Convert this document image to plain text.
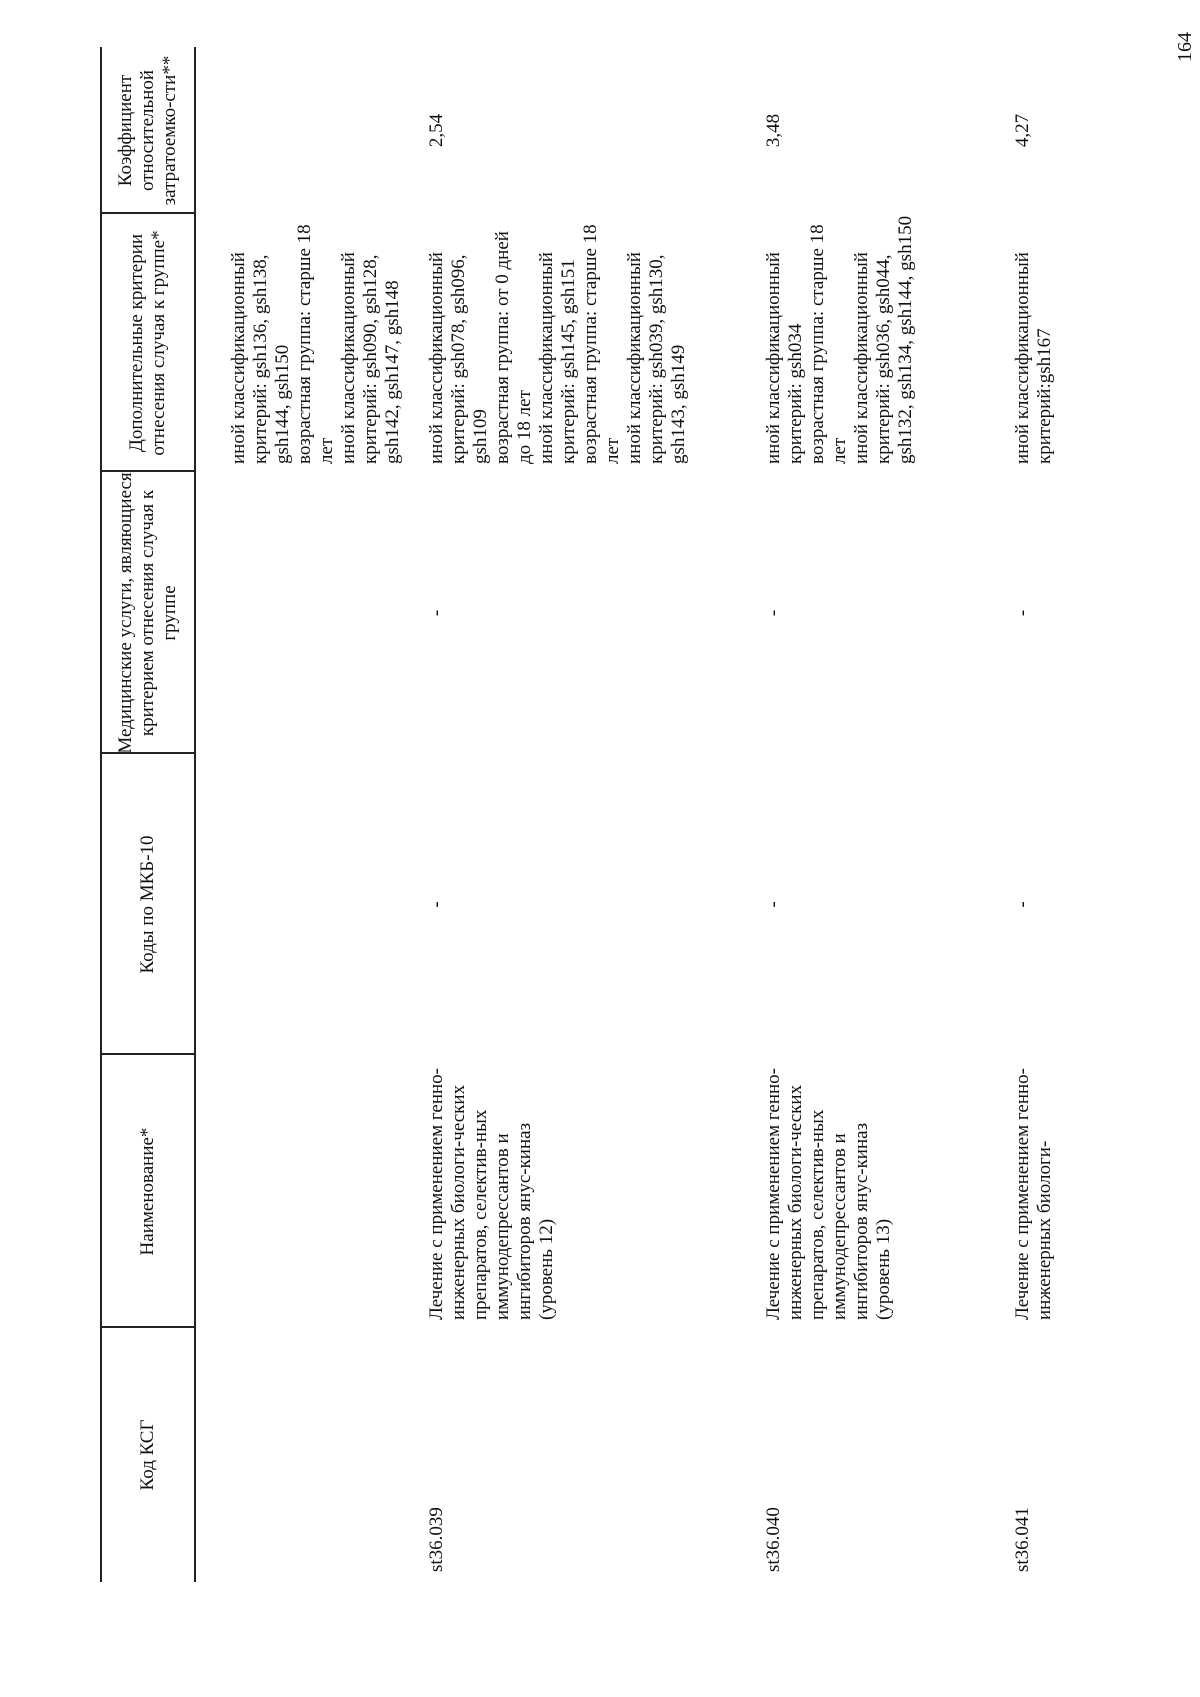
164
Код КСГ
Наименование*
Коды по МКБ-10
Медицинские услуги, являющиеся критерием отнесения случая к группе
Дополнительные критерии отнесения случая к группе*
Коэффициент относительной затратоемко-сти**
иной классификационный критерий: gsh136, gsh138, gsh144, gsh150
возрастная группа: старше 18 лет
иной классификационный критерий: gsh090, gsh128, gsh142, gsh147, gsh148
st36.039
Лечение с применением генно-инженерных биологи-ческих препаратов, селектив-ных иммунодепрессантов и ингибиторов янус-киназ (уровень 12)
-
-
иной классификационный критерий: gsh078, gsh096, gsh109
возрастная группа: от 0 дней до 18 лет
иной классификационный критерий: gsh145, gsh151
возрастная группа: старше 18 лет
иной классификационный критерий: gsh039, gsh130, gsh143, gsh149
2,54
st36.040
Лечение с применением генно-инженерных биологи-ческих препаратов, селектив-ных иммунодепрессантов и ингибиторов янус-киназ (уровень 13)
-
-
иной классификационный критерий: gsh034
возрастная группа: старше 18 лет
иной классификационный критерий: gsh036, gsh044, gsh132, gsh134, gsh144, gsh150
3,48
st36.041
Лечение с применением генно-инженерных биологи-
-
-
иной классификационный критерий:gsh167
4,27
